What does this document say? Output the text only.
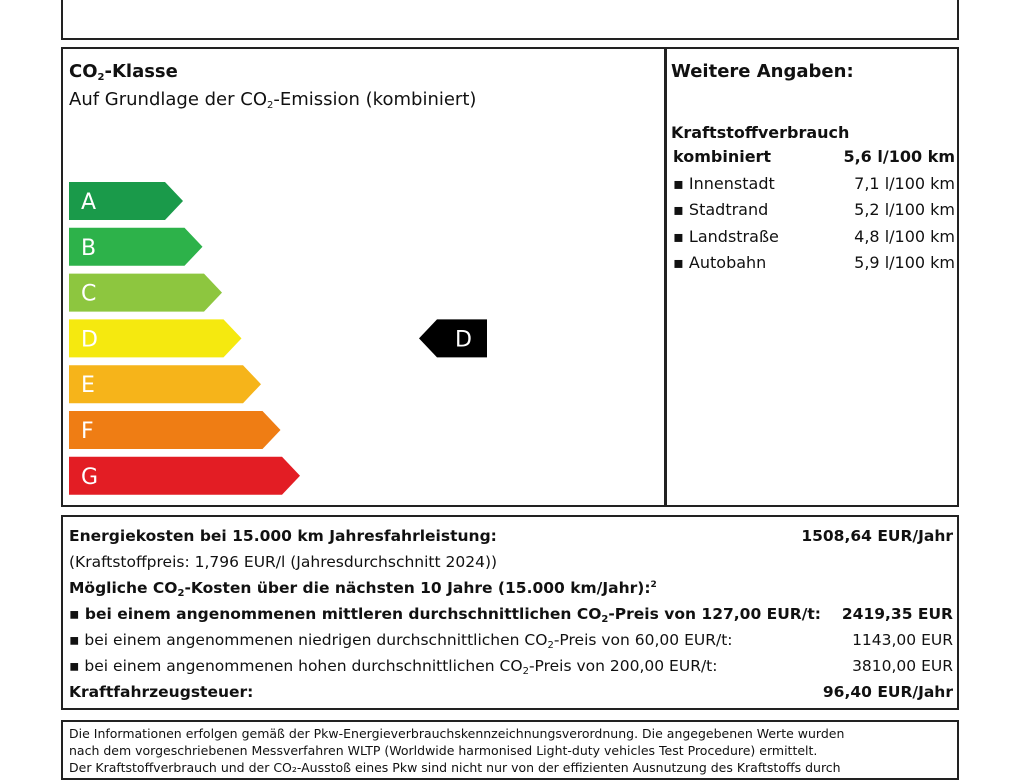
$CO_2$-Klasse
Auf Grundlage der $CO_2$-Emission (kombiniert)
A
B
C
D
E
F
G
D
Weitere Angaben:
Kraftstoffverbrauch
kombiniert	5,6 l/100 km
▪ Innenstadt	7,1 l/100 km
▪ Stadtrand	5,2 l/100 km
▪ Landstraße	4,8 l/100 km
▪ Autobahn	5,9 l/100 km
Energiekosten bei 15.000 km Jahresfahrleistung:	1508,64 EUR/Jahr
(Kraftstoffpreis: 1,796 EUR/l (Jahresdurchschnitt 2024))
Mögliche $CO_2$-Kosten über die nächsten 10 Jahre (15.000 km/Jahr):$^2$
▪ bei einem angenommenen mittleren durchschnittlichen $CO_2$-Preis von 127,00 EUR/t: 2419,35 EUR
▪ bei einem angenommenen niedrigen durchschnittlichen $CO_2$-Preis von 60,00 EUR/t:	1143,00 EUR
▪ bei einem angenommenen hohen durchschnittlichen $CO_2$-Preis von 200,00 EUR/t:	3810,00 EUR
Kraftfahrzeugsteuer:	96,40 EUR/Jahr
Die Informationen erfolgen gemäß der Pkw-Energieverbrauchskennzeichnungsverordnung. Die angegebenen Werte wurden
nach dem vorgeschriebenen Messverfahren WLTP (Worldwide harmonised Light-duty vehicles Test Procedure) ermittelt.
Der Kraftstoffverbrauch und der CO₂-Ausstoß eines Pkw sind nicht nur von der effizienten Ausnutzung des Kraftstoffs durch
